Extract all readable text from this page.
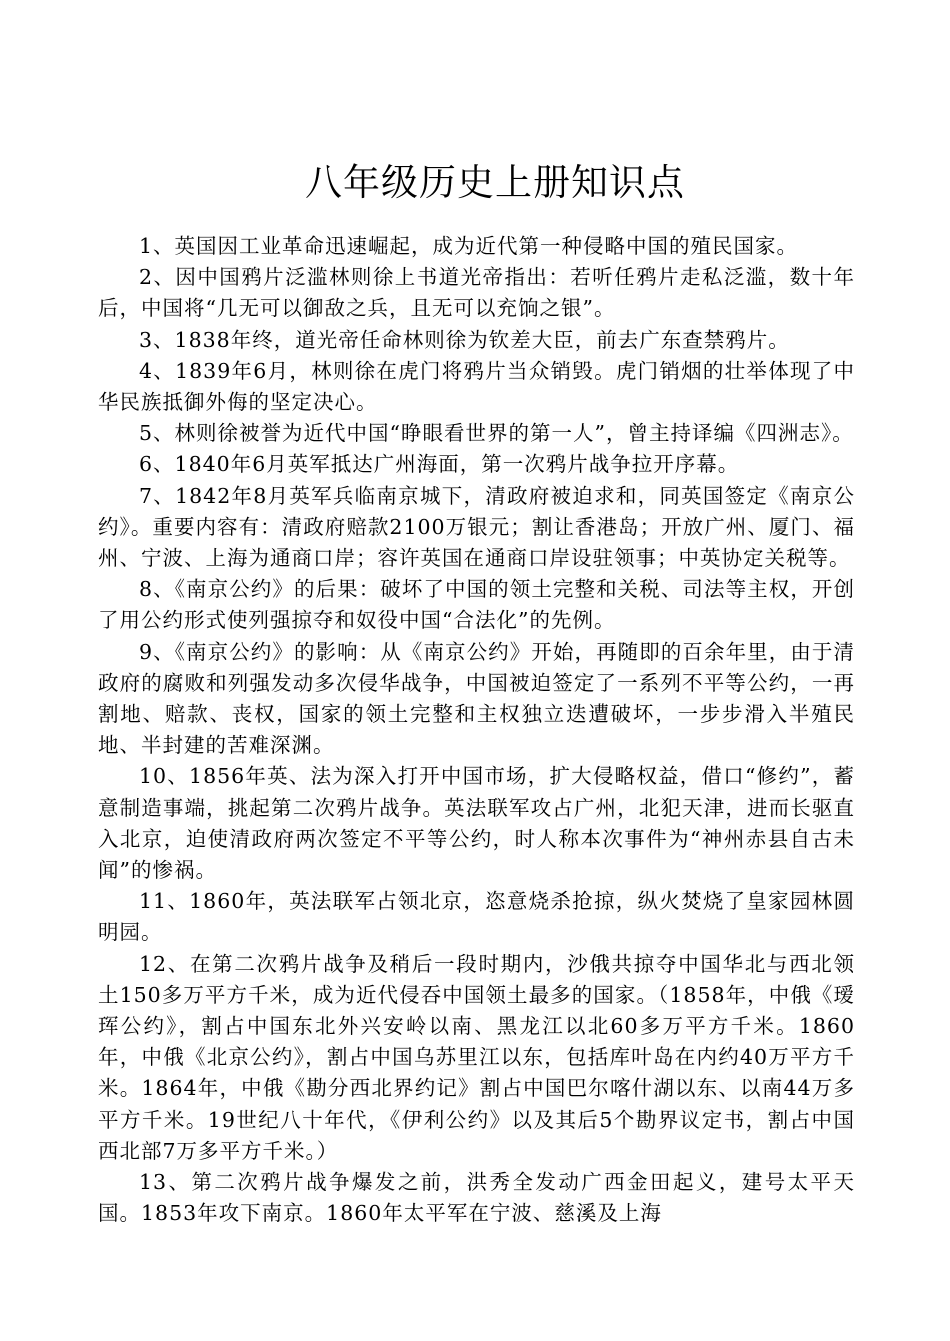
八年级历史上册知识点

1、英国因工业革命迅速崛起，成为近代第一种侵略中国的殖民国家。

2、因中国鸦片泛滥林则徐上书道光帝指出：若听任鸦片走私泛滥，数十年后，中国将“几无可以御敌之兵，且无可以充饷之银”。

3、1838年终，道光帝任命林则徐为钦差大臣，前去广东查禁鸦片。

4、1839年6月，林则徐在虎门将鸦片当众销毁。虎门销烟的壮举体现了中华民族抵御外侮的坚定决心。

5、林则徐被誉为近代中国“睁眼看世界的第一人”，曾主持译编《四洲志》。

6、1840年6月英军抵达广州海面，第一次鸦片战争拉开序幕。

7、1842年8月英军兵临南京城下，清政府被迫求和，同英国签定《南京公约》。重要内容有：清政府赔款2100万银元；割让香港岛；开放广州、厦门、福州、宁波、上海为通商口岸；容许英国在通商口岸设驻领事；中英协定关税等。

8、《南京公约》的后果：破坏了中国的领土完整和关税、司法等主权，开创了用公约形式使列强掠夺和奴役中国“合法化”的先例。

9、《南京公约》的影响：从《南京公约》开始，再随即的百余年里，由于清政府的腐败和列强发动多次侵华战争，中国被迫签定了一系列不平等公约，一再割地、赔款、丧权，国家的领土完整和主权独立迭遭破坏，一步步滑入半殖民地、半封建的苦难深渊。

10、1856年英、法为深入打开中国市场，扩大侵略权益，借口“修约”，蓄意制造事端，挑起第二次鸦片战争。英法联军攻占广州，北犯天津，进而长驱直入北京，迫使清政府两次签定不平等公约，时人称本次事件为“神州赤县自古未闻”的惨祸。

11、1860年，英法联军占领北京，恣意烧杀抢掠，纵火焚烧了皇家园林圆明园。

12、在第二次鸦片战争及稍后一段时期内，沙俄共掠夺中国华北与西北领土150多万平方千米，成为近代侵吞中国领土最多的国家。（1858年，中俄《瑷珲公约》，割占中国东北外兴安岭以南、黑龙江以北60多万平方千米。1860年，中俄《北京公约》，割占中国乌苏里江以东，包括库叶岛在内约40万平方千米。1864年，中俄《勘分西北界约记》割占中国巴尔喀什湖以东、以南44万多平方千米。19世纪八十年代，《伊利公约》以及其后5个勘界议定书，割占中国西北部7万多平方千米。）

13、第二次鸦片战争爆发之前，洪秀全发动广西金田起义，建号太平天国。1853年攻下南京。1860年太平军在宁波、慈溪及上海
